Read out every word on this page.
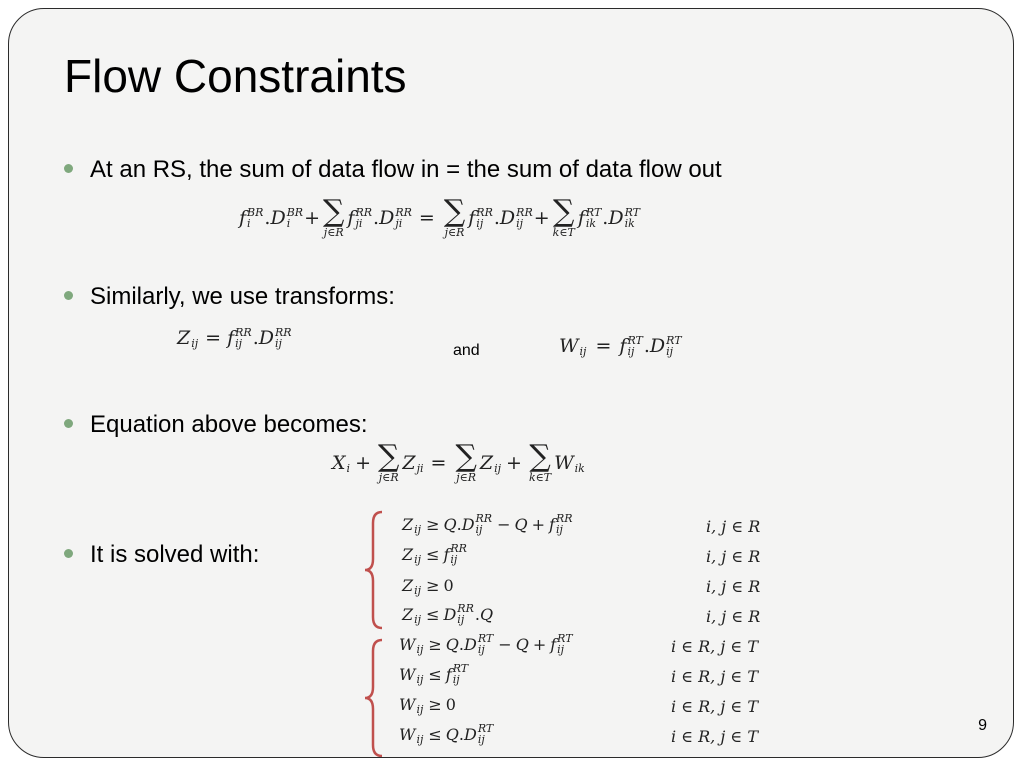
Flow Constraints
At an RS, the sum of data flow in = the sum of data flow out
f BR
i . D BR
i + ∑
j∈R
f RR
ji . D RR
ji = ∑
j∈R
f RR
ij . D RR
ij + ∑
k∈T
f RT
ik . D RT
ik
Similarly, we use transforms:
Z
ij = f RR
ij . D RR
ij	and	W
ij = f RT
ij . D RT
ij
Equation above becomes:
X
i + ∑
j∈R
Z
ji = ∑
j∈R
Z
ij + ∑
k∈T
W
ik
It is solved with:
Z
ij ≥ Q . D RR
ij − Q + f RR
ij	i, j ∈ R
Z
ij ≤ f RR
ij	i, j ∈ R
Z
ij ≥ 0	i, j ∈ R
Z
ij ≤ D RR
ij . Q	i, j ∈ R
W
ij ≥ Q . D RT
ij − Q + f RT
ij	i ∈ R, j ∈ T
W
ij ≤ f RT
ij	i ∈ R, j ∈ T
W
ij ≥ 0	i ∈ R, j ∈ T
W
ij ≤ Q . D RT
ij	i ∈ R, j ∈ T
9
